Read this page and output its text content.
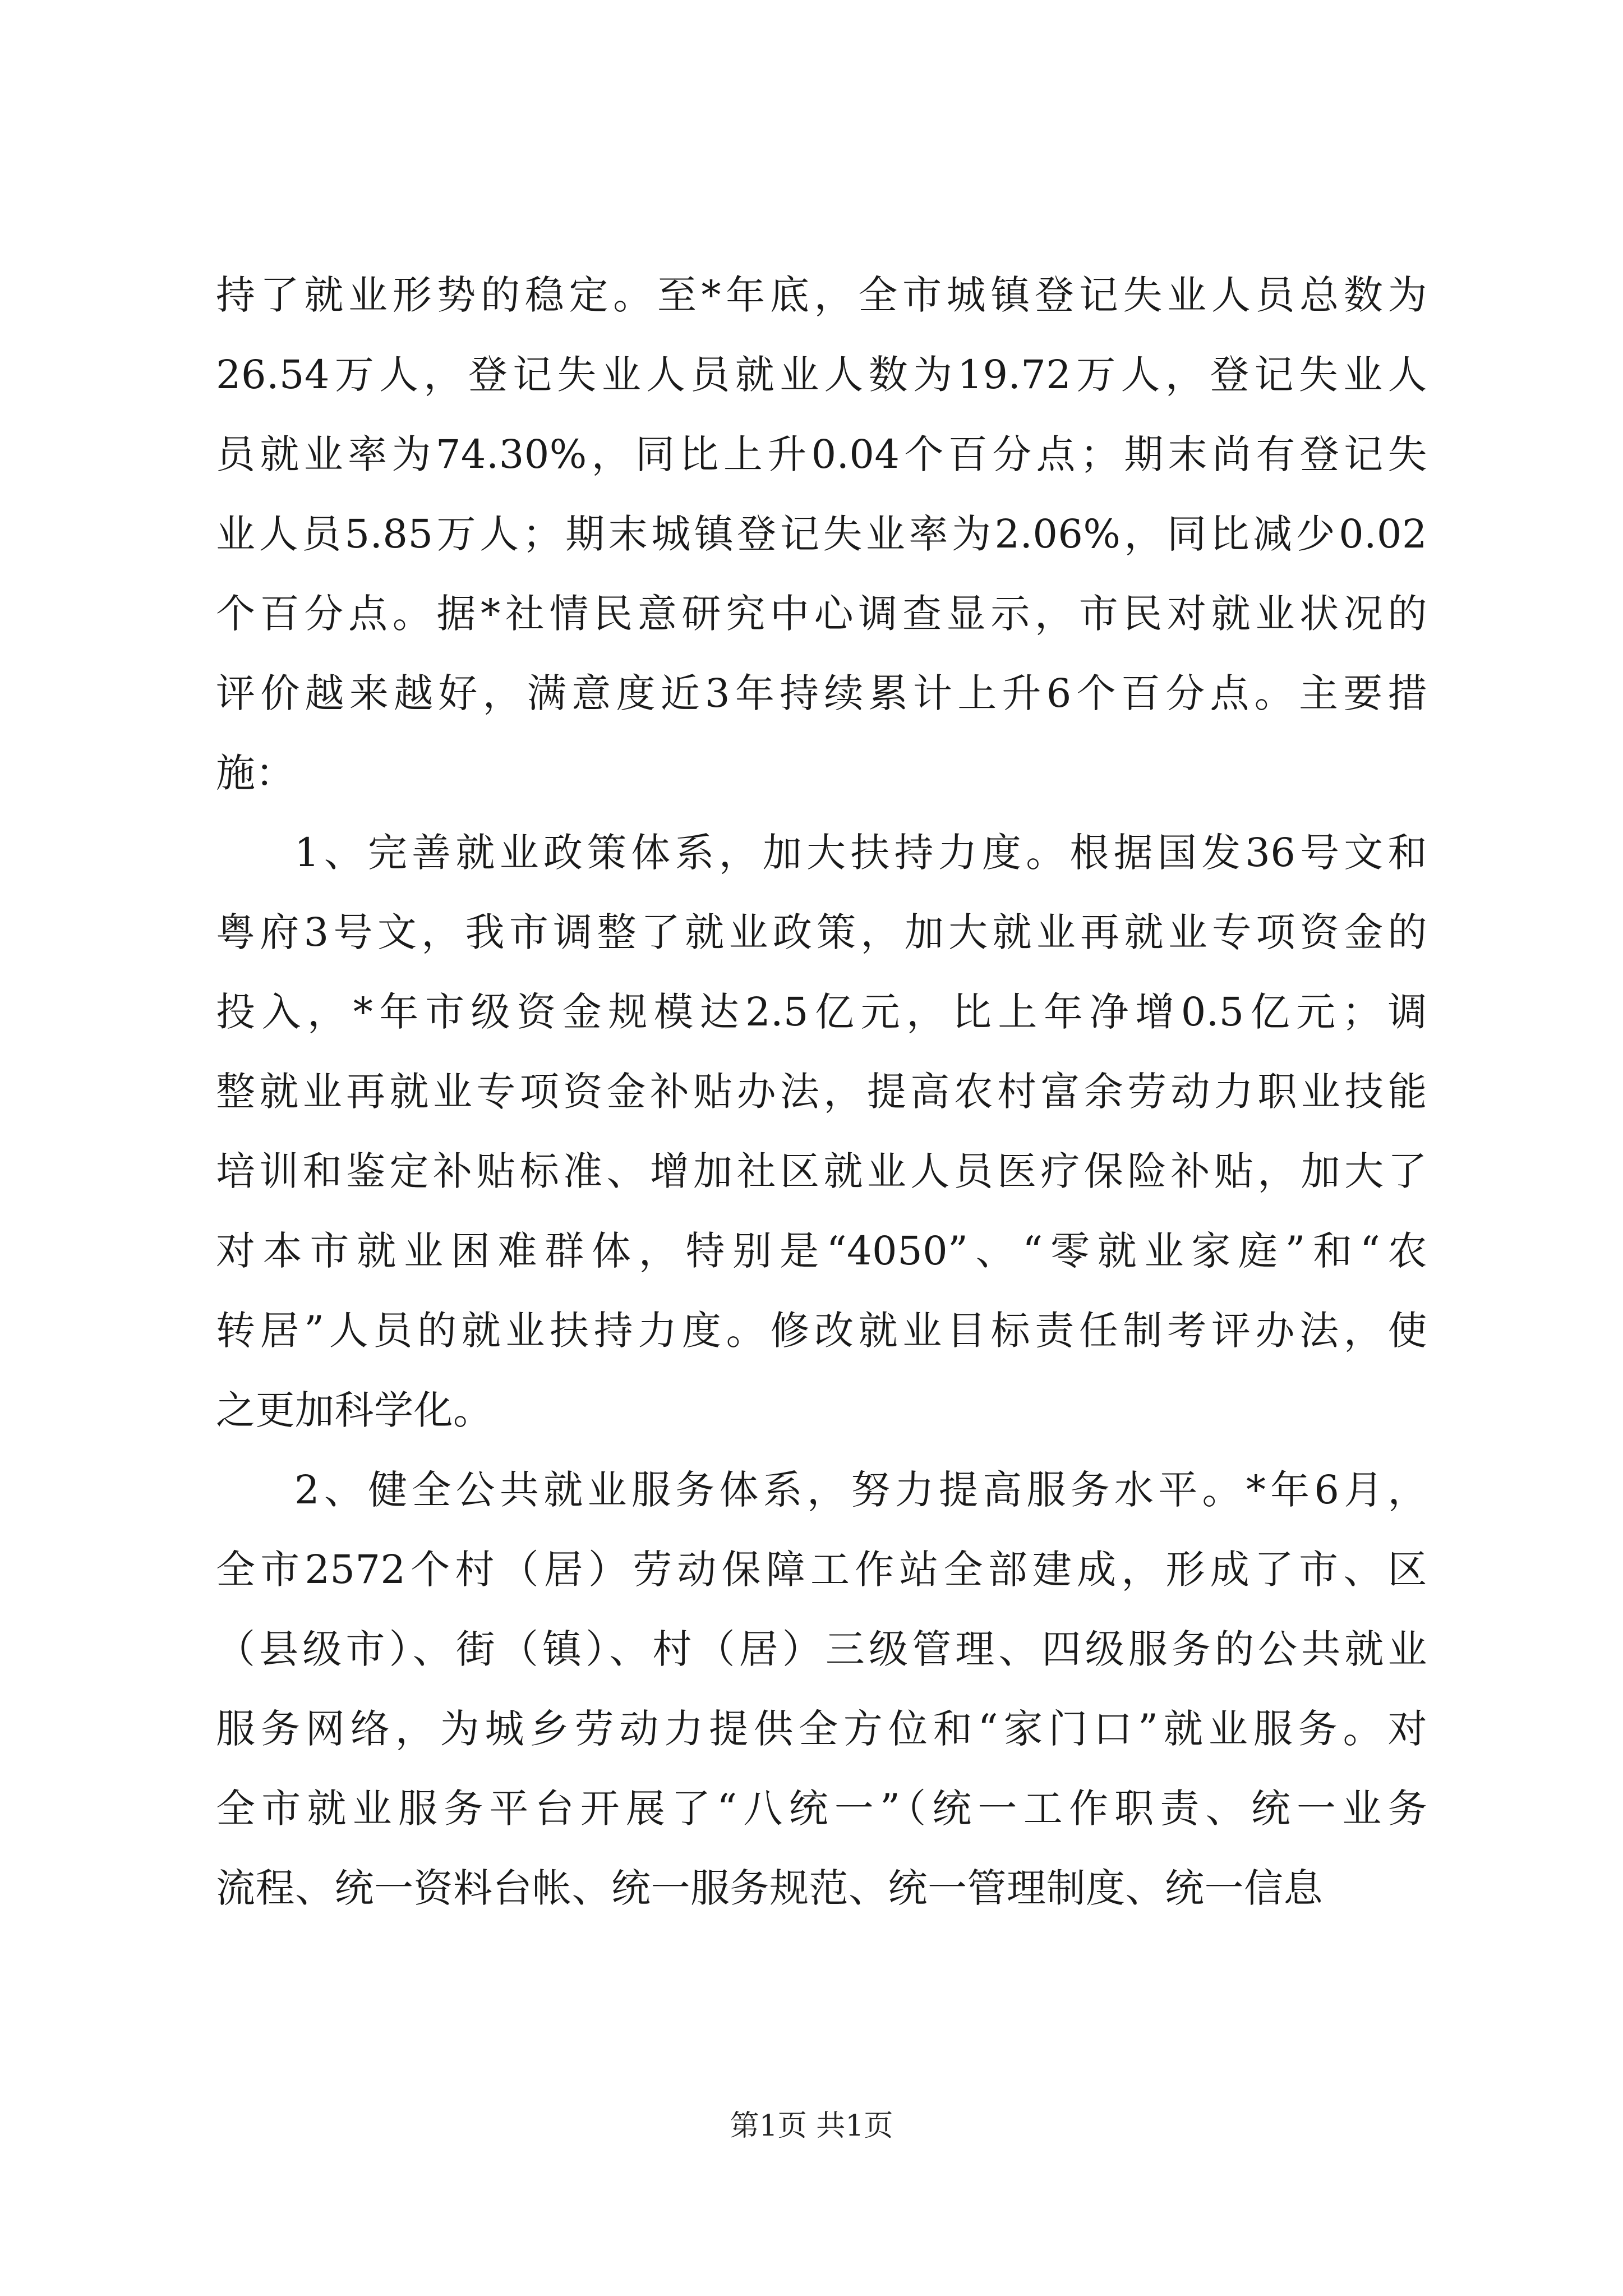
持了就业形势的稳定。至*年底，全市城镇登记失业人员总数为
26.54万人，登记失业人员就业人数为19.72万人，登记失业人
员就业率为74.30%，同比上升0.04个百分点；期末尚有登记失
业人员5.85万人；期末城镇登记失业率为2.06%，同比减少0.02
个百分点。据*社情民意研究中心调查显示，市民对就业状况的
评价越来越好，满意度近3年持续累计上升6个百分点。主要措
施：
1、完善就业政策体系，加大扶持力度。根据国发36号文和
粤府3号文，我市调整了就业政策，加大就业再就业专项资金的
投入，*年市级资金规模达2.5亿元，比上年净增0.5亿元；调
整就业再就业专项资金补贴办法，提高农村富余劳动力职业技能
培训和鉴定补贴标准、增加社区就业人员医疗保险补贴，加大了
对本市就业困难群体，特别是“4050”、“零就业家庭”和“农
转居”人员的就业扶持力度。修改就业目标责任制考评办法，使
之更加科学化。
2、健全公共就业服务体系，努力提高服务水平。*年6月，
全市2572个村（居）劳动保障工作站全部建成，形成了市、区
（县级市）、街（镇）、村（居）三级管理、四级服务的公共就业
服务网络，为城乡劳动力提供全方位和“家门口”就业服务。对
全市就业服务平台开展了“八统一”（统一工作职责、统一业务
流程、统一资料台帐、统一服务规范、统一管理制度、统一信息
第1页 共1页
